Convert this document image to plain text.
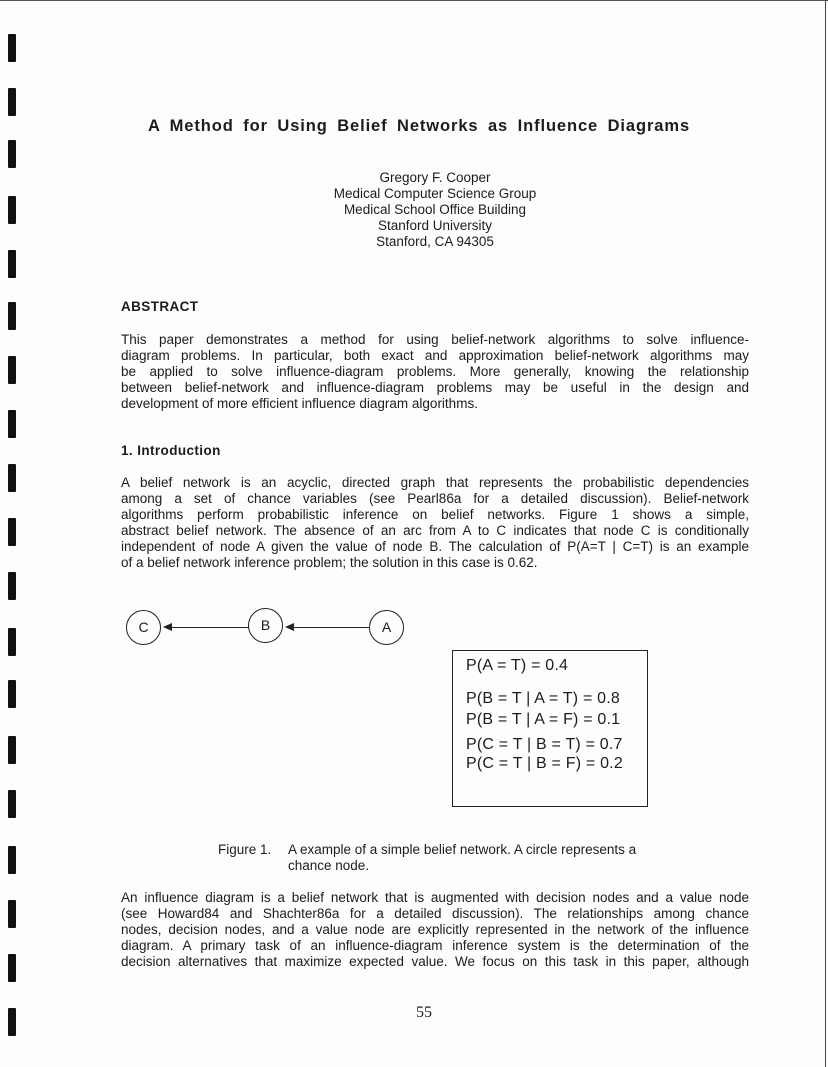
A Method for Using Belief Networks as Influence Diagrams
Gregory F. Cooper
Medical Computer Science Group
Medical School Office Building
Stanford University
Stanford, CA 94305
ABSTRACT
This paper demonstrates a method for using belief-network algorithms to solve influence-
diagram problems. In particular, both exact and approximation belief-network algorithms may
be applied to solve influence-diagram problems. More generally, knowing the relationship
between belief-network and influence-diagram problems may be useful in the design and
development of more efficient influence diagram algorithms.
1. Introduction
A belief network is an acyclic, directed graph that represents the probabilistic dependencies
among a set of chance variables (see Pearl86a for a detailed discussion). Belief-network
algorithms perform probabilistic inference on belief networks. Figure 1 shows a simple,
abstract belief network. The absence of an arc from A to C indicates that node C is conditionally
independent of node A given the value of node B. The calculation of P(A=T | C=T) is an example
of a belief network inference problem; the solution in this case is 0.62.
C	B	A
P(A = T) = 0.4
P(B = T | A = T) = 0.8
P(B = T | A = F) = 0.1
P(C = T | B = T) = 0.7
P(C = T | B = F) = 0.2
Figure 1. A example of a simple belief network. A circle represents a
chance node.
An influence diagram is a belief network that is augmented with decision nodes and a value node
(see Howard84 and Shachter86a for a detailed discussion). The relationships among chance
nodes, decision nodes, and a value node are explicitly represented in the network of the influence
diagram. A primary task of an influence-diagram inference system is the determination of the
decision alternatives that maximize expected value. We focus on this task in this paper, although
55
